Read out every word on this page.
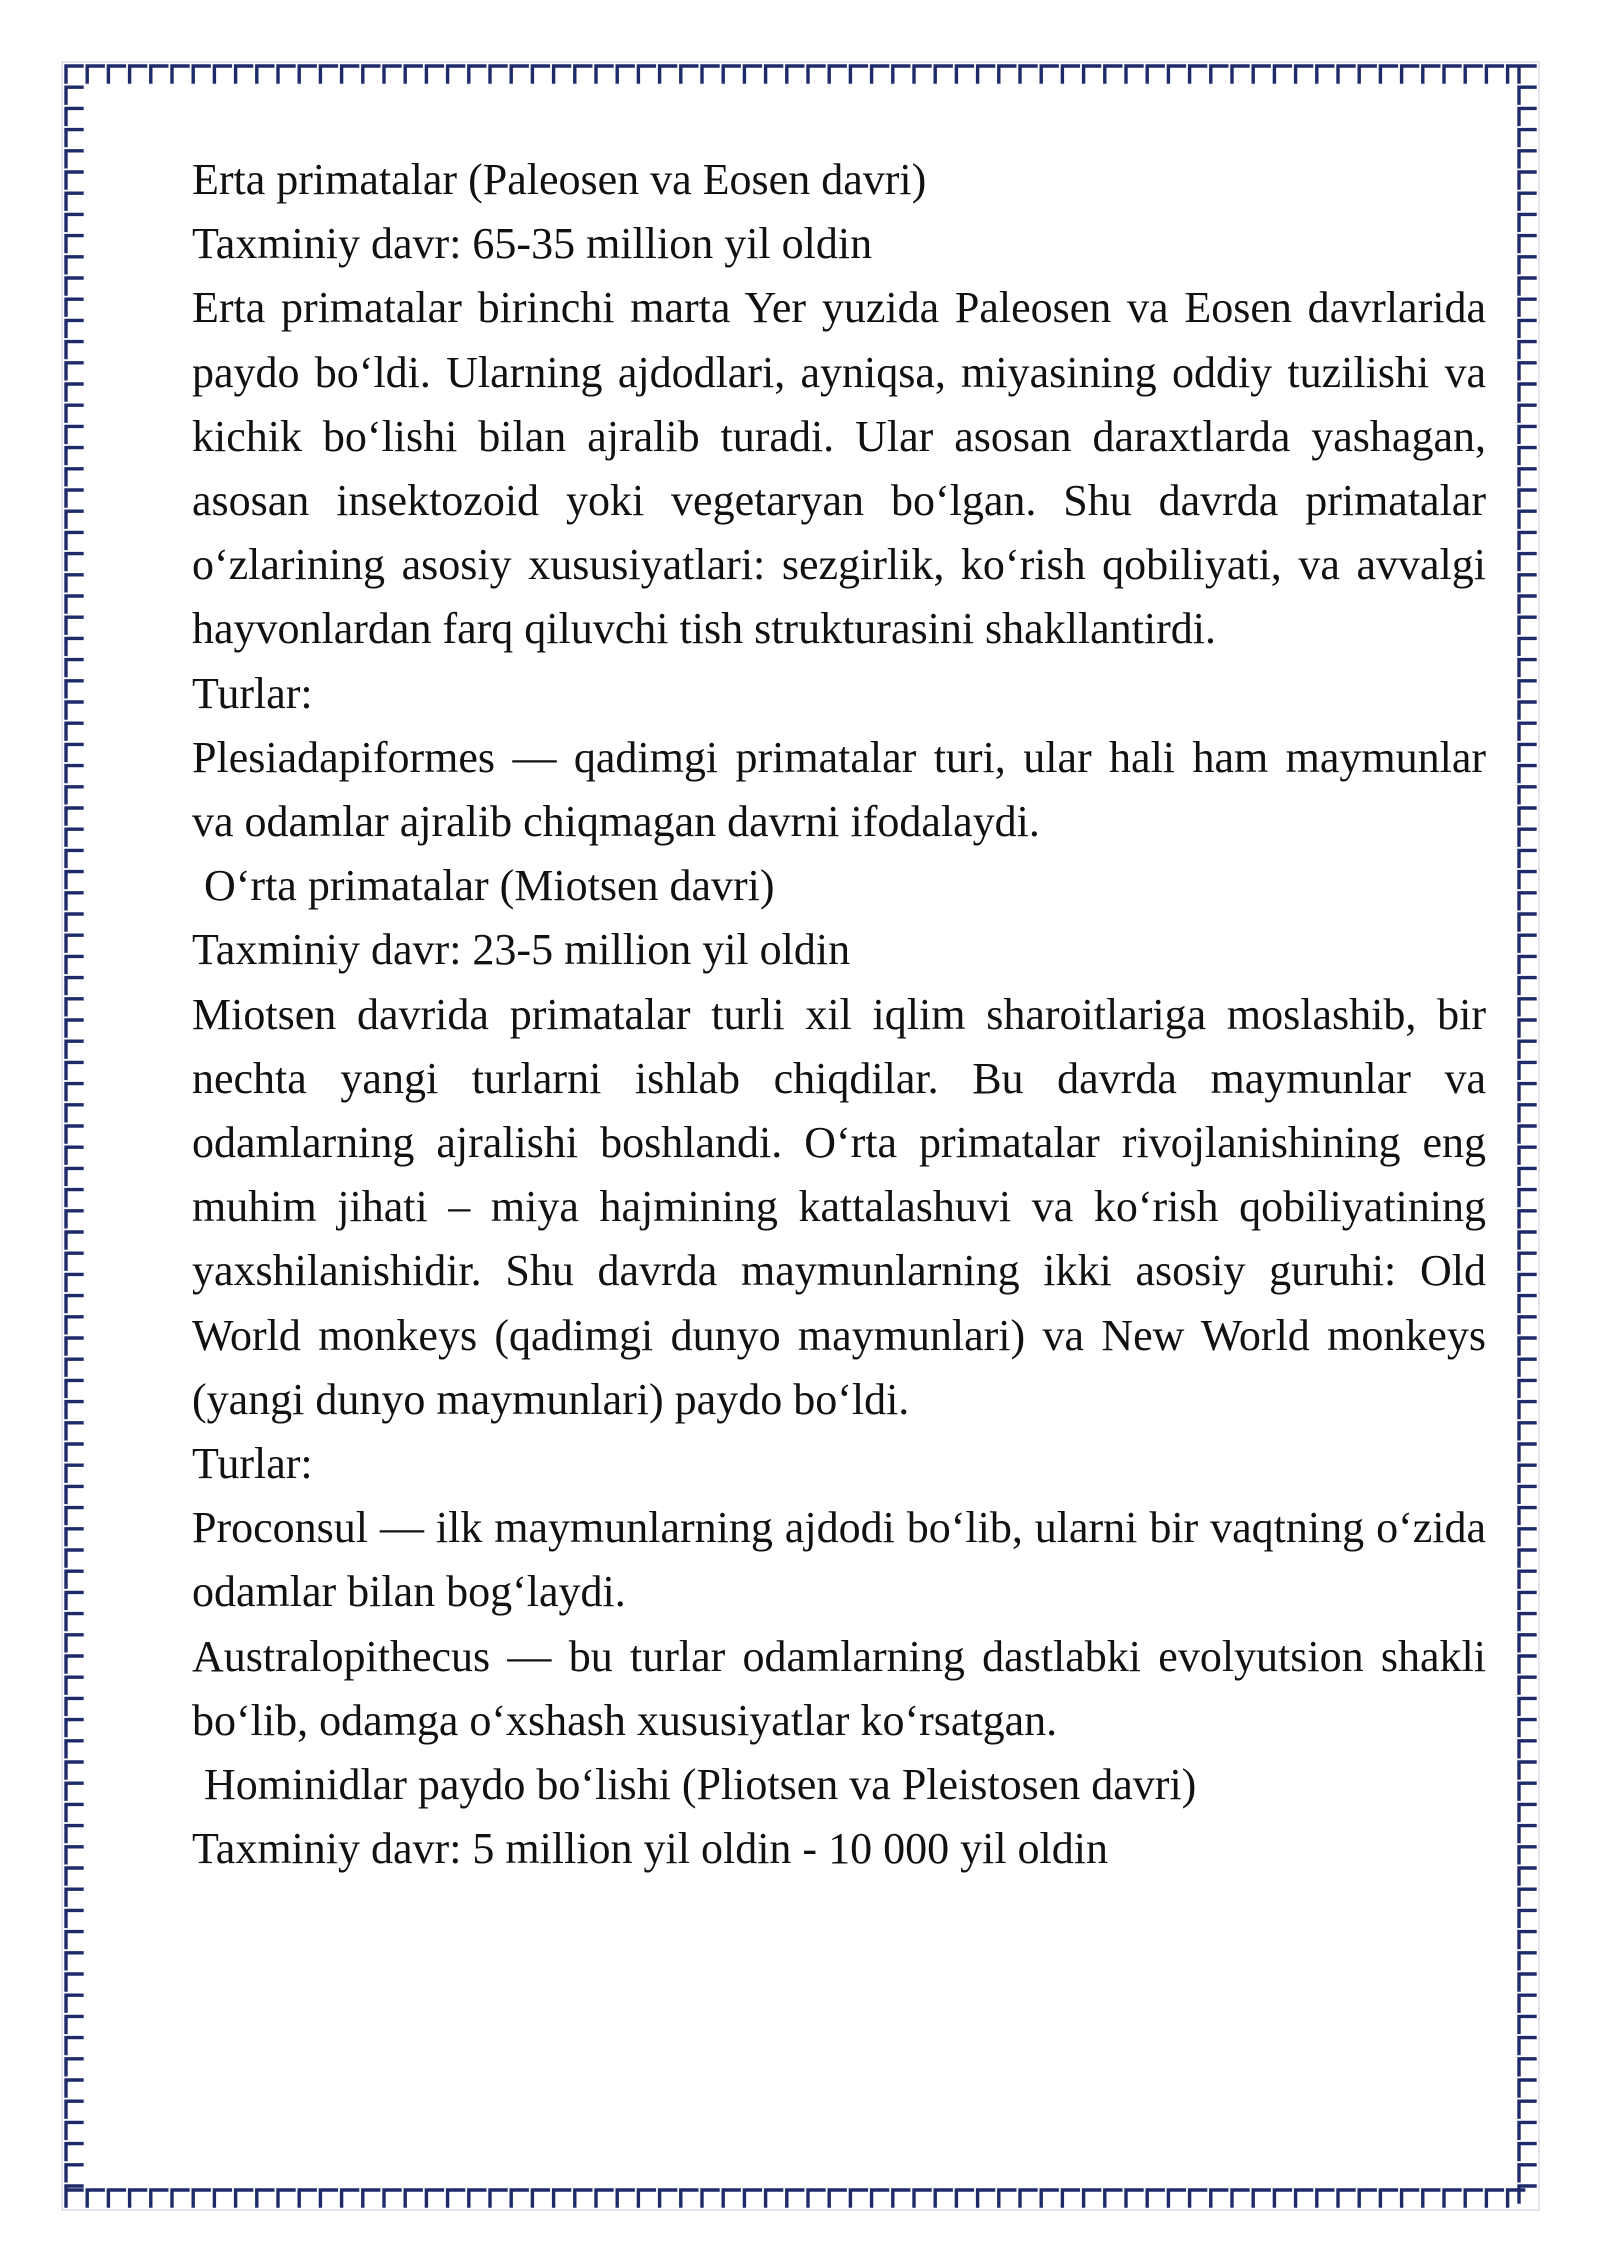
Erta primatalar (Paleosen va Eosen davri)

Taxminiy davr: 65-35 million yil oldin

Erta primatalar birinchi marta Yer yuzida Paleosen va Eosen davrlarida paydo bo‘ldi. Ularning ajdodlari, ayniqsa, miyasining oddiy tuzilishi va kichik bo‘lishi bilan ajralib turadi. Ular asosan daraxtlarda yashagan, asosan insektozoid yoki vegetaryan bo‘lgan. Shu davrda primatalar o‘zlarining asosiy xususiyatlari: sezgirlik, ko‘rish qobiliyati, va avvalgi hayvonlardan farq qiluvchi tish strukturasini shakllantirdi.

Turlar:

Plesiadapiformes — qadimgi primatalar turi, ular hali ham maymunlar va odamlar ajralib chiqmagan davrni ifodalaydi.

O‘rta primatalar (Miotsen davri)

Taxminiy davr: 23-5 million yil oldin

Miotsen davrida primatalar turli xil iqlim sharoitlariga moslashib, bir nechta yangi turlarni ishlab chiqdilar. Bu davrda maymunlar va odamlarning ajralishi boshlandi. O‘rta primatalar rivojlanishining eng muhim jihati – miya hajmining kattalashuvi va ko‘rish qobiliyatining yaxshilanishidir. Shu davrda maymunlarning ikki asosiy guruhi: Old World monkeys (qadimgi dunyo maymunlari) va New World monkeys (yangi dunyo maymunlari) paydo bo‘ldi.

Turlar:

Proconsul — ilk maymunlarning ajdodi bo‘lib, ularni bir vaqtning o‘zida odamlar bilan bog‘laydi.

Australopithecus — bu turlar odamlarning dastlabki evolyutsion shakli bo‘lib, odamga o‘xshash xususiyatlar ko‘rsatgan.

Hominidlar paydo bo‘lishi (Pliotsen va Pleistosen davri)

Taxminiy davr: 5 million yil oldin - 10 000 yil oldin
